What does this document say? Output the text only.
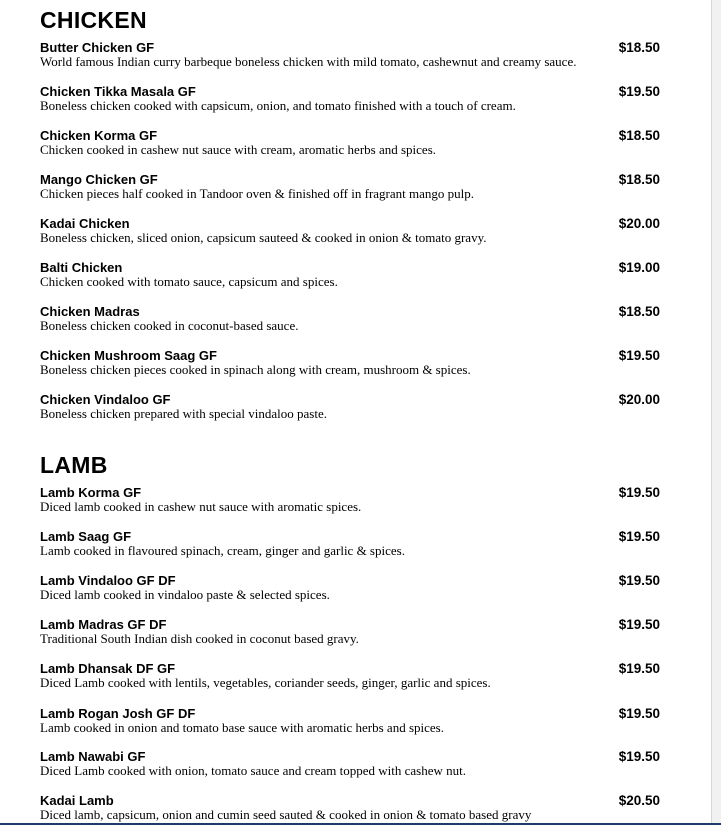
CHICKEN
Butter Chicken GF	$18.50
World famous Indian curry barbeque boneless chicken with mild tomato, cashewnut and creamy sauce.
Chicken Tikka Masala GF	$19.50
Boneless chicken cooked with capsicum, onion, and tomato finished with a touch of cream.
Chicken Korma GF	$18.50
Chicken cooked in cashew nut sauce with cream, aromatic herbs and spices.
Mango Chicken GF	$18.50
Chicken pieces half cooked in Tandoor oven & finished off in fragrant mango pulp.
Kadai Chicken	$20.00
Boneless chicken, sliced onion, capsicum sauteed & cooked in onion & tomato gravy.
Balti Chicken	$19.00
Chicken cooked with tomato sauce, capsicum and spices.
Chicken Madras	$18.50
Boneless chicken cooked in coconut-based sauce.
Chicken Mushroom Saag GF	$19.50
Boneless chicken pieces cooked in spinach along with cream, mushroom & spices.
Chicken Vindaloo GF	$20.00
Boneless chicken prepared with special vindaloo paste.
LAMB
Lamb Korma GF	$19.50
Diced lamb cooked in cashew nut sauce with aromatic spices.
Lamb Saag GF	$19.50
Lamb cooked in flavoured spinach, cream, ginger and garlic & spices.
Lamb Vindaloo GF DF	$19.50
Diced lamb cooked in vindaloo paste & selected spices.
Lamb Madras GF DF	$19.50
Traditional South Indian dish cooked in coconut based gravy.
Lamb Dhansak DF GF	$19.50
Diced Lamb cooked with lentils, vegetables, coriander seeds, ginger, garlic and spices.
Lamb Rogan Josh GF DF	$19.50
Lamb cooked in onion and tomato base sauce with aromatic herbs and spices.
Lamb Nawabi GF	$19.50
Diced Lamb cooked with onion, tomato sauce and cream topped with cashew nut.
Kadai Lamb	$20.50
Diced lamb, capsicum, onion and cumin seed sauted & cooked in onion & tomato based gravy
